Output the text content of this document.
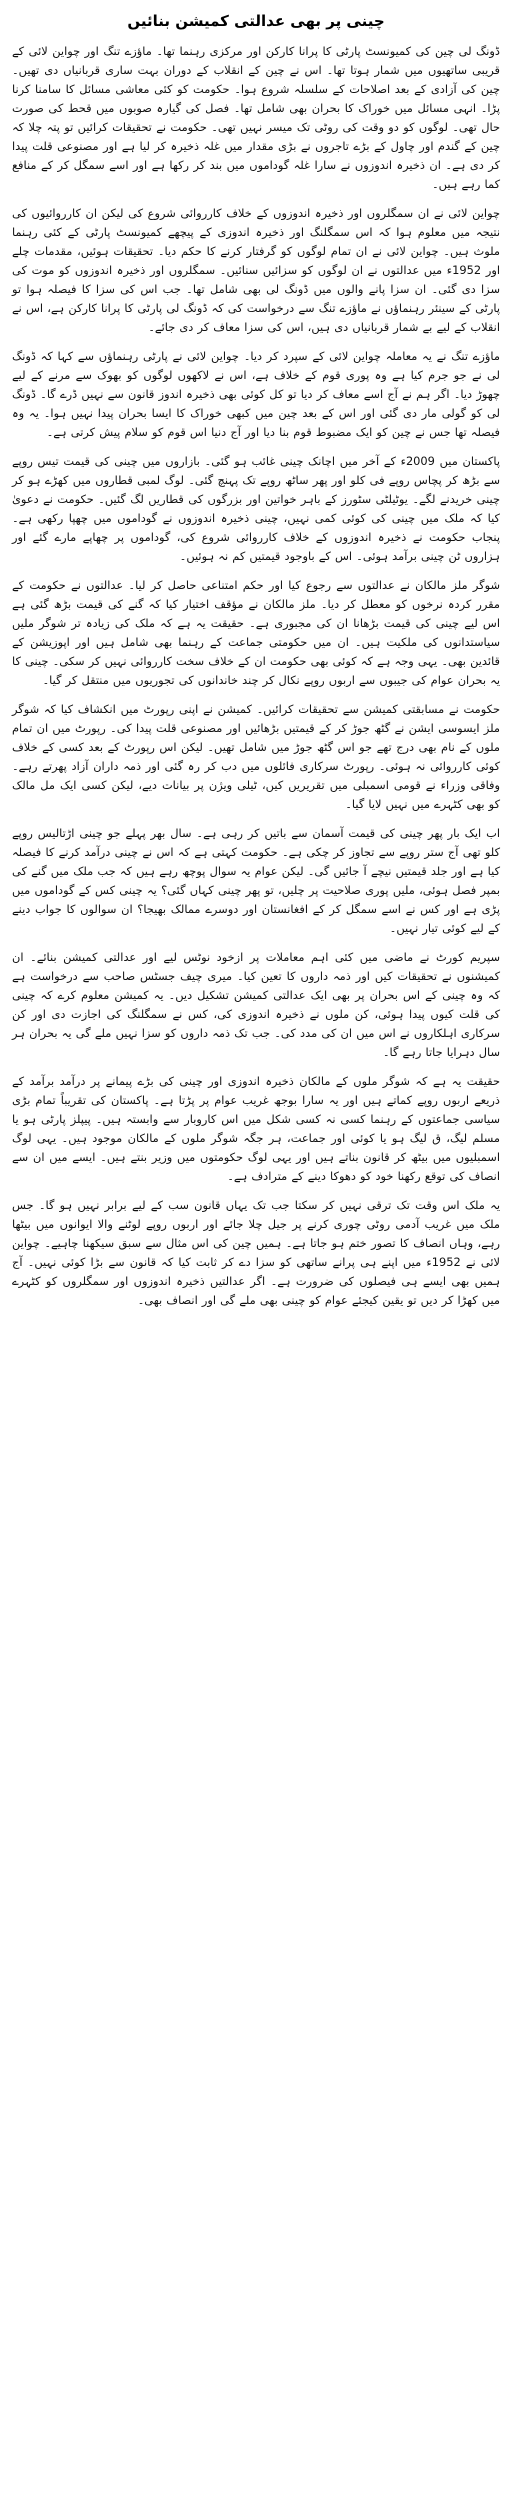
چینی پر بھی عدالتی کمیشن بنائیں

ڈونگ لی چین کی کمیونسٹ پارٹی کا پرانا کارکن اور مرکزی رہنما تھا۔ ماؤزے تنگ اور چواین لائی کے قریبی ساتھیوں میں شمار ہوتا تھا۔ اس نے چین کے انقلاب کے دوران بہت ساری قربانیاں دی تھیں۔ چین کی آزادی کے بعد اصلاحات کے سلسلہ شروع ہوا۔ حکومت کو کئی معاشی مسائل کا سامنا کرنا پڑا۔ انہی مسائل میں خوراک کا بحران بھی شامل تھا۔ فصل کی گیارہ صوبوں میں قحط کی صورت حال تھی۔ لوگوں کو دو وقت کی روٹی تک میسر نہیں تھی۔ حکومت نے تحقیقات کرائیں تو پتہ چلا کہ چین کے گندم اور چاول کے بڑے تاجروں نے بڑی مقدار میں غلہ ذخیرہ کر لیا ہے اور مصنوعی قلت پیدا کر دی ہے۔ ان ذخیرہ اندوزوں نے سارا غلہ گوداموں میں بند کر رکھا ہے اور اسے سمگل کر کے منافع کما رہے ہیں۔

چواین لائی نے ان سمگلروں اور ذخیرہ اندوزوں کے خلاف کارروائی شروع کی لیکن ان کارروائیوں کی نتیجہ میں معلوم ہوا کہ اس سمگلنگ اور ذخیرہ اندوزی کے پیچھے کمیونسٹ پارٹی کے کئی رہنما ملوث ہیں۔ چواین لائی نے ان تمام لوگوں کو گرفتار کرنے کا حکم دیا۔ تحقیقات ہوئیں، مقدمات چلے اور 1952ء میں عدالتوں نے ان لوگوں کو سزائیں سنائیں۔ سمگلروں اور ذخیرہ اندوزوں کو موت کی سزا دی گئی۔ ان سزا پانے والوں میں ڈونگ لی بھی شامل تھا۔ جب اس کی سزا کا فیصلہ ہوا تو پارٹی کے سینئر رہنماؤں نے ماؤزے تنگ سے درخواست کی کہ ڈونگ لی پارٹی کا پرانا کارکن ہے، اس نے انقلاب کے لیے بے شمار قربانیاں دی ہیں، اس کی سزا معاف کر دی جائے۔

ماؤزے تنگ نے یہ معاملہ چواین لائی کے سپرد کر دیا۔ چواین لائی نے پارٹی رہنماؤں سے کہا کہ ڈونگ لی نے جو جرم کیا ہے وہ پوری قوم کے خلاف ہے، اس نے لاکھوں لوگوں کو بھوک سے مرنے کے لیے چھوڑ دیا۔ اگر ہم نے آج اسے معاف کر دیا تو کل کوئی بھی ذخیرہ اندوز قانون سے نہیں ڈرے گا۔ ڈونگ لی کو گولی مار دی گئی اور اس کے بعد چین میں کبھی خوراک کا ایسا بحران پیدا نہیں ہوا۔ یہ وہ فیصلہ تھا جس نے چین کو ایک مضبوط قوم بنا دیا اور آج دنیا اس قوم کو سلام پیش کرتی ہے۔

پاکستان میں 2009ء کے آخر میں اچانک چینی غائب ہو گئی۔ بازاروں میں چینی کی قیمت تیس روپے سے بڑھ کر پچاس روپے فی کلو اور پھر ساٹھ روپے تک پہنچ گئی۔ لوگ لمبی قطاروں میں کھڑے ہو کر چینی خریدنے لگے۔ یوٹیلٹی سٹورز کے باہر خواتین اور بزرگوں کی قطاریں لگ گئیں۔ حکومت نے دعویٰ کیا کہ ملک میں چینی کی کوئی کمی نہیں، چینی ذخیرہ اندوزوں نے گوداموں میں چھپا رکھی ہے۔ پنجاب حکومت نے ذخیرہ اندوزوں کے خلاف کارروائی شروع کی، گوداموں پر چھاپے مارے گئے اور ہزاروں ٹن چینی برآمد ہوئی۔ اس کے باوجود قیمتیں کم نہ ہوئیں۔

شوگر ملز مالکان نے عدالتوں سے رجوع کیا اور حکم امتناعی حاصل کر لیا۔ عدالتوں نے حکومت کے مقرر کردہ نرخوں کو معطل کر دیا۔ ملز مالکان نے مؤقف اختیار کیا کہ گنے کی قیمت بڑھ گئی ہے اس لیے چینی کی قیمت بڑھانا ان کی مجبوری ہے۔ حقیقت یہ ہے کہ ملک کی زیادہ تر شوگر ملیں سیاستدانوں کی ملکیت ہیں۔ ان میں حکومتی جماعت کے رہنما بھی شامل ہیں اور اپوزیشن کے قائدین بھی۔ یہی وجہ ہے کہ کوئی بھی حکومت ان کے خلاف سخت کارروائی نہیں کر سکی۔ چینی کا یہ بحران عوام کی جیبوں سے اربوں روپے نکال کر چند خاندانوں کی تجوریوں میں منتقل کر گیا۔

حکومت نے مسابقتی کمیشن سے تحقیقات کرائیں۔ کمیشن نے اپنی رپورٹ میں انکشاف کیا کہ شوگر ملز ایسوسی ایشن نے گٹھ جوڑ کر کے قیمتیں بڑھائیں اور مصنوعی قلت پیدا کی۔ رپورٹ میں ان تمام ملوں کے نام بھی درج تھے جو اس گٹھ جوڑ میں شامل تھیں۔ لیکن اس رپورٹ کے بعد کسی کے خلاف کوئی کارروائی نہ ہوئی۔ رپورٹ سرکاری فائلوں میں دب کر رہ گئی اور ذمہ داران آزاد پھرتے رہے۔ وفاقی وزراء نے قومی اسمبلی میں تقریریں کیں، ٹیلی ویژن پر بیانات دیے، لیکن کسی ایک مل مالک کو بھی کٹہرے میں نہیں لایا گیا۔

اب ایک بار پھر چینی کی قیمت آسمان سے باتیں کر رہی ہے۔ سال بھر پہلے جو چینی اڑتالیس روپے کلو تھی آج ستر روپے سے تجاوز کر چکی ہے۔ حکومت کہتی ہے کہ اس نے چینی درآمد کرنے کا فیصلہ کیا ہے اور جلد قیمتیں نیچے آ جائیں گی۔ لیکن عوام یہ سوال پوچھ رہے ہیں کہ جب ملک میں گنے کی بمپر فصل ہوئی، ملیں پوری صلاحیت پر چلیں، تو پھر چینی کہاں گئی؟ یہ چینی کس کے گوداموں میں پڑی ہے اور کس نے اسے سمگل کر کے افغانستان اور دوسرے ممالک بھیجا؟ ان سوالوں کا جواب دینے کے لیے کوئی تیار نہیں۔

سپریم کورٹ نے ماضی میں کئی اہم معاملات پر ازخود نوٹس لیے اور عدالتی کمیشن بنائے۔ ان کمیشنوں نے تحقیقات کیں اور ذمہ داروں کا تعین کیا۔ میری چیف جسٹس صاحب سے درخواست ہے کہ وہ چینی کے اس بحران پر بھی ایک عدالتی کمیشن تشکیل دیں۔ یہ کمیشن معلوم کرے کہ چینی کی قلت کیوں پیدا ہوئی، کن ملوں نے ذخیرہ اندوزی کی، کس نے سمگلنگ کی اجازت دی اور کن سرکاری اہلکاروں نے اس میں ان کی مدد کی۔ جب تک ذمہ داروں کو سزا نہیں ملے گی یہ بحران ہر سال دہرایا جاتا رہے گا۔

حقیقت یہ ہے کہ شوگر ملوں کے مالکان ذخیرہ اندوزی اور چینی کی بڑے پیمانے پر درآمد برآمد کے ذریعے اربوں روپے کماتے ہیں اور یہ سارا بوجھ غریب عوام پر پڑتا ہے۔ پاکستان کی تقریباً تمام بڑی سیاسی جماعتوں کے رہنما کسی نہ کسی شکل میں اس کاروبار سے وابستہ ہیں۔ پیپلز پارٹی ہو یا مسلم لیگ، ق لیگ ہو یا کوئی اور جماعت، ہر جگہ شوگر ملوں کے مالکان موجود ہیں۔ یہی لوگ اسمبلیوں میں بیٹھ کر قانون بناتے ہیں اور یہی لوگ حکومتوں میں وزیر بنتے ہیں۔ ایسے میں ان سے انصاف کی توقع رکھنا خود کو دھوکا دینے کے مترادف ہے۔

یہ ملک اس وقت تک ترقی نہیں کر سکتا جب تک یہاں قانون سب کے لیے برابر نہیں ہو گا۔ جس ملک میں غریب آدمی روٹی چوری کرنے پر جیل چلا جائے اور اربوں روپے لوٹنے والا ایوانوں میں بیٹھا رہے، وہاں انصاف کا تصور ختم ہو جاتا ہے۔ ہمیں چین کی اس مثال سے سبق سیکھنا چاہیے۔ چواین لائی نے 1952ء میں اپنے ہی پرانے ساتھی کو سزا دے کر ثابت کیا کہ قانون سے بڑا کوئی نہیں۔ آج ہمیں بھی ایسے ہی فیصلوں کی ضرورت ہے۔ اگر عدالتیں ذخیرہ اندوزوں اور سمگلروں کو کٹہرے میں کھڑا کر دیں تو یقین کیجئے عوام کو چینی بھی ملے گی اور انصاف بھی۔
